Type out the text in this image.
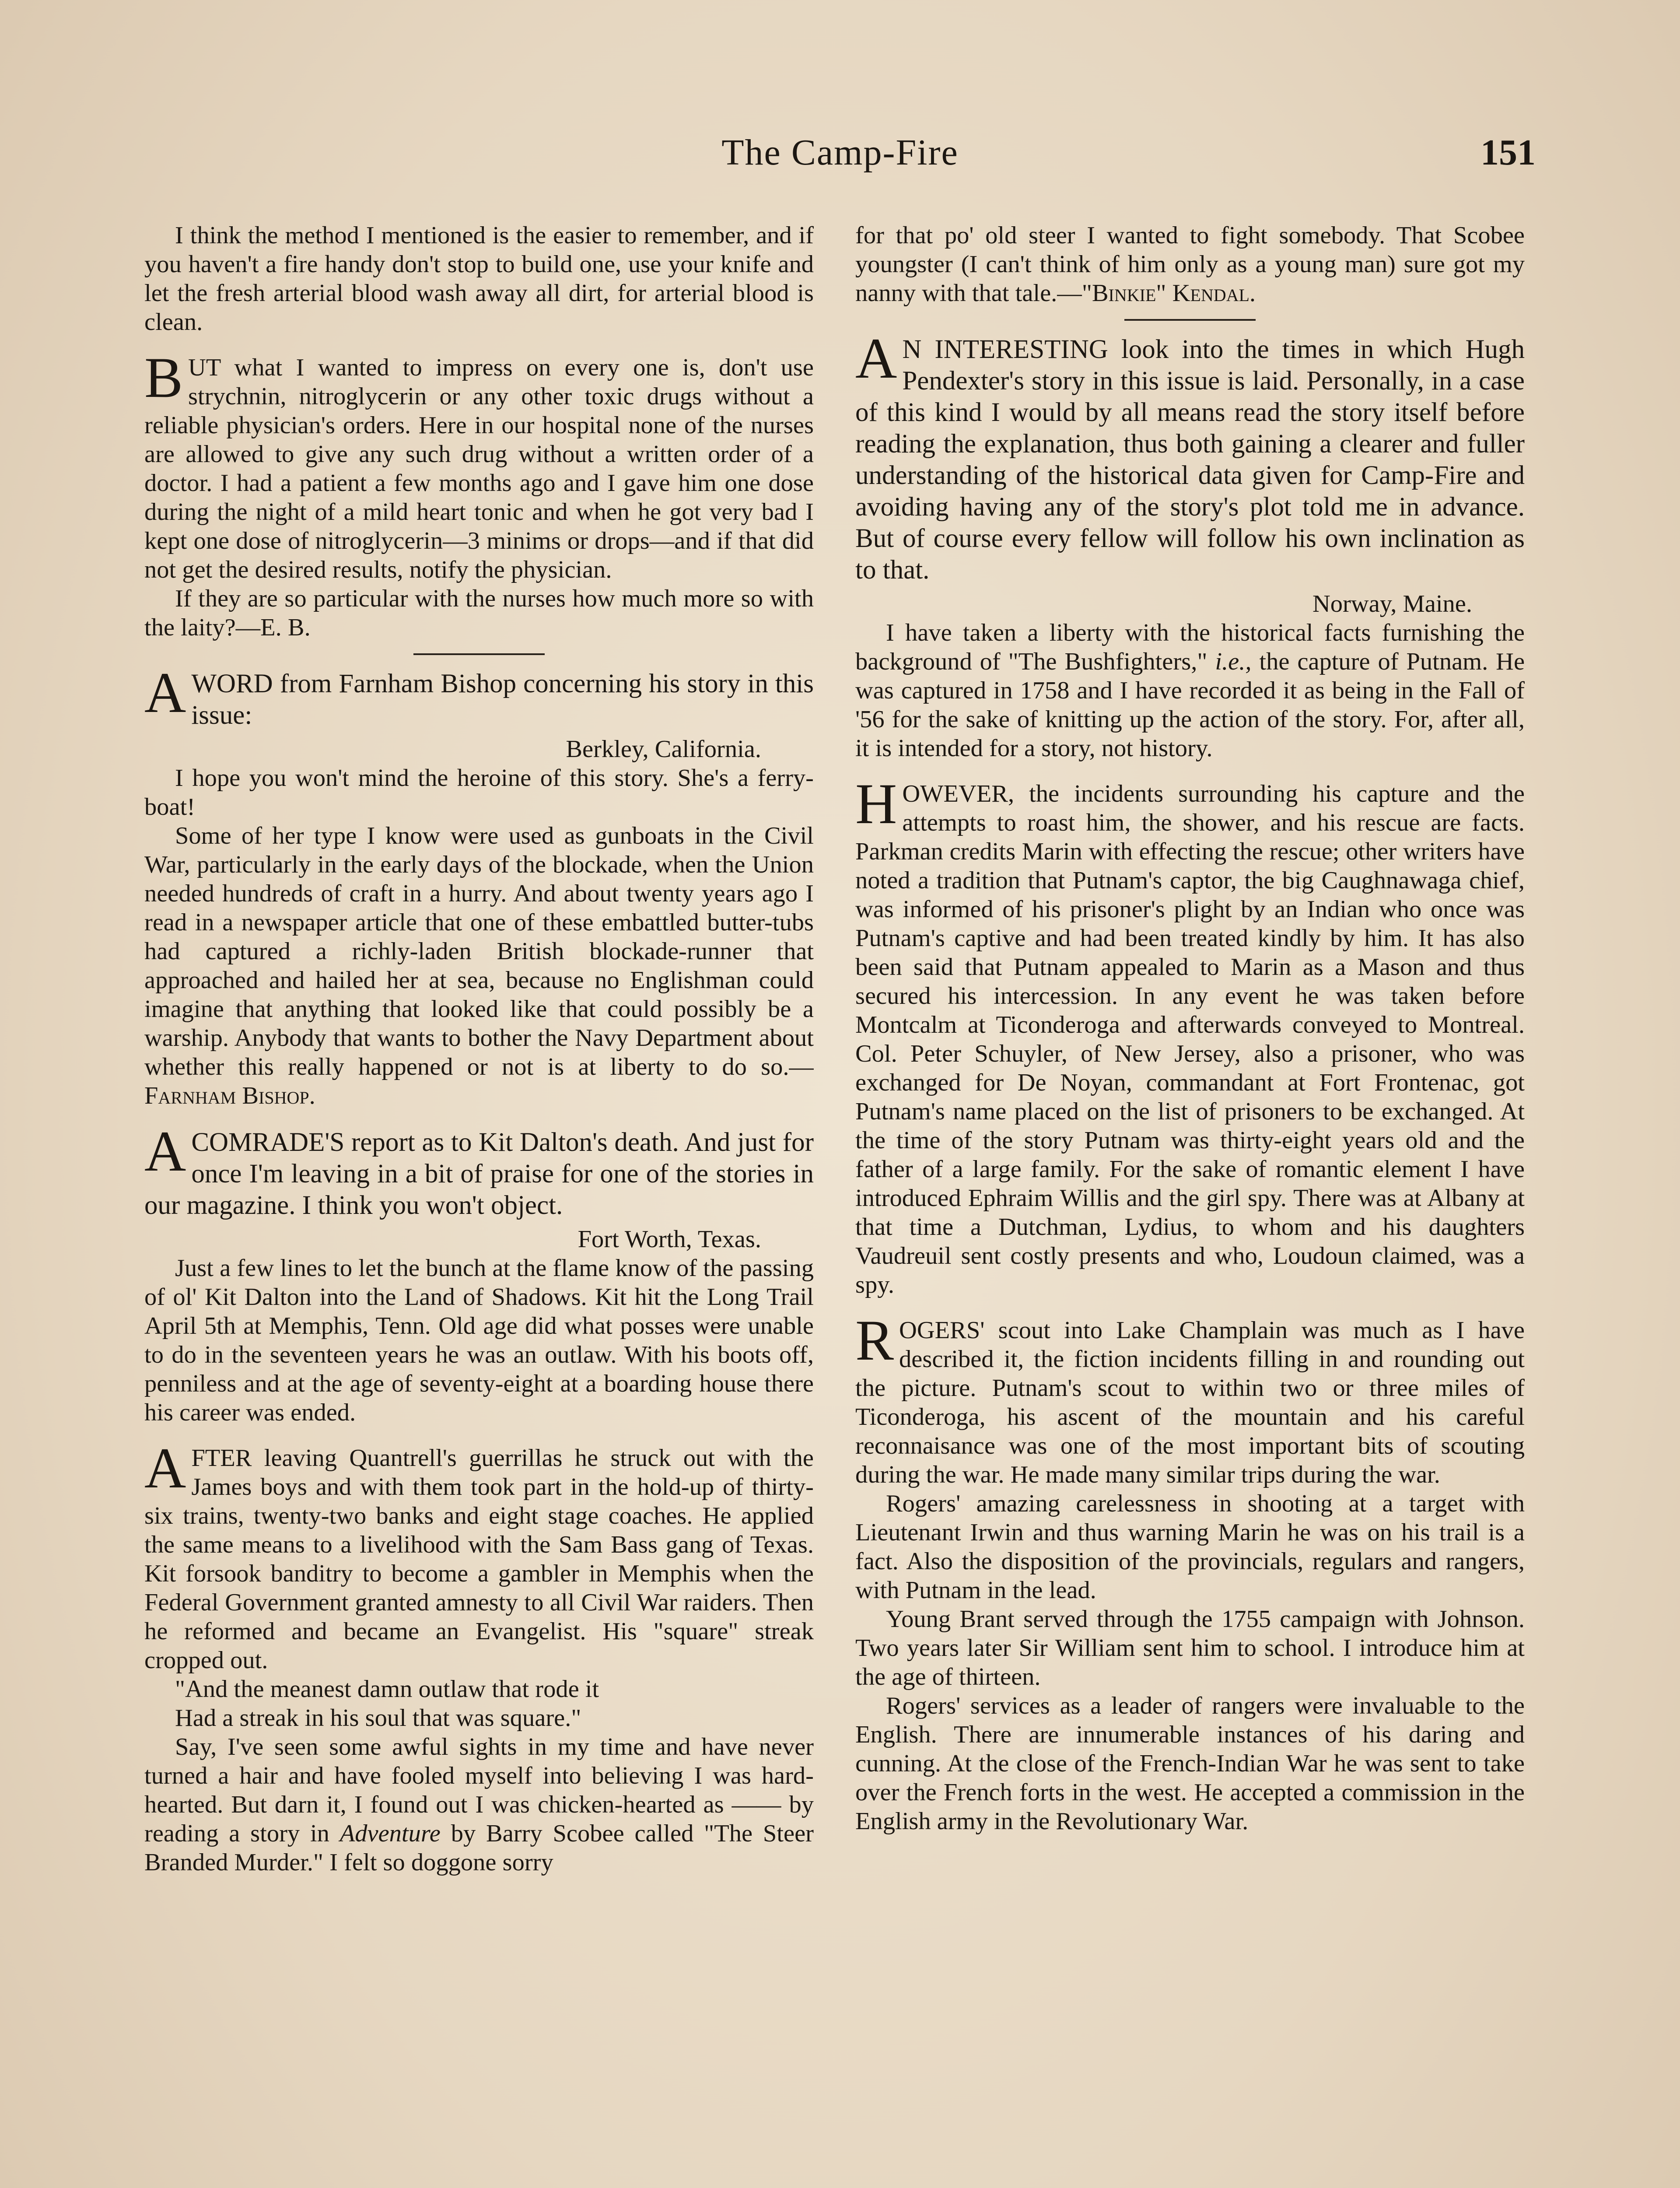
The Camp-Fire	151

I think the method I mentioned is the easier to remember, and if you haven't a fire handy don't stop to build one, use your knife and let the fresh arterial blood wash away all dirt, for arterial blood is clean.

BUT what I wanted to impress on every one is, don't use strychnin, nitroglycerin or any other toxic drugs without a reliable physician's orders. Here in our hospital none of the nurses are allowed to give any such drug without a written order of a doctor. I had a patient a few months ago and I gave him one dose during the night of a mild heart tonic and when he got very bad I kept one dose of nitroglycerin—3 minims or drops—and if that did not get the desired results, notify the physician.

If they are so particular with the nurses how much more so with the laity?—E. B.

AWORD from Farnham Bishop concerning his story in this issue:

Berkley, California.

I hope you won't mind the heroine of this story. She's a ferry-boat!

Some of her type I know were used as gunboats in the Civil War, particularly in the early days of the blockade, when the Union needed hundreds of craft in a hurry. And about twenty years ago I read in a newspaper article that one of these embattled butter-tubs had captured a richly-laden British blockade-runner that approached and hailed her at sea, because no Englishman could imagine that anything that looked like that could possibly be a warship. Anybody that wants to bother the Navy Department about whether this really happened or not is at liberty to do so.—Farnham Bishop.

ACOMRADE'S report as to Kit Dalton's death. And just for once I'm leaving in a bit of praise for one of the stories in our magazine. I think you won't object.

Fort Worth, Texas.

Just a few lines to let the bunch at the flame know of the passing of ol' Kit Dalton into the Land of Shadows. Kit hit the Long Trail April 5th at Memphis, Tenn. Old age did what posses were unable to do in the seventeen years he was an outlaw. With his boots off, penniless and at the age of seventy-eight at a boarding house there his career was ended.

AFTER leaving Quantrell's guerrillas he struck out with the James boys and with them took part in the hold-up of thirty-six trains, twenty-two banks and eight stage coaches. He applied the same means to a livelihood with the Sam Bass gang of Texas. Kit forsook banditry to become a gambler in Memphis when the Federal Government granted amnesty to all Civil War raiders. Then he reformed and became an Evangelist. His "square" streak cropped out.

"And the meanest damn outlaw that rode it

Had a streak in his soul that was square."

Say, I've seen some awful sights in my time and have never turned a hair and have fooled myself into believing I was hard-hearted. But darn it, I found out I was chicken-hearted as —— by reading a story in Adventure by Barry Scobee called "The Steer Branded Murder." I felt so doggone sorry

for that po' old steer I wanted to fight somebody. That Scobee youngster (I can't think of him only as a young man) sure got my nanny with that tale.—"Binkie" Kendal.

A N INTERESTING look into the times in which Hugh Pendexter's story in this issue is laid. Personally, in a case of this kind I would by all means read the story itself before reading the explanation, thus both gaining a clearer and fuller understanding of the historical data given for Camp-Fire and avoiding having any of the story's plot told me in advance. But of course every fellow will follow his own inclination as to that.

Norway, Maine.

I have taken a liberty with the historical facts furnishing the background of "The Bushfighters," i.e., the capture of Putnam. He was captured in 1758 and I have recorded it as being in the Fall of '56 for the sake of knitting up the action of the story. For, after all, it is intended for a story, not history.

HOWEVER, the incidents surrounding his capture and the attempts to roast him, the shower, and his rescue are facts. Parkman credits Marin with effecting the rescue; other writers have noted a tradition that Putnam's captor, the big Caughnawaga chief, was informed of his prisoner's plight by an Indian who once was Putnam's captive and had been treated kindly by him. It has also been said that Putnam appealed to Marin as a Mason and thus secured his intercession. In any event he was taken before Montcalm at Ticonderoga and afterwards conveyed to Montreal. Col. Peter Schuyler, of New Jersey, also a prisoner, who was exchanged for De Noyan, commandant at Fort Frontenac, got Putnam's name placed on the list of prisoners to be exchanged. At the time of the story Putnam was thirty-eight years old and the father of a large family. For the sake of romantic element I have introduced Ephraim Willis and the girl spy. There was at Albany at that time a Dutchman, Lydius, to whom and his daughters Vaudreuil sent costly presents and who, Loudoun claimed, was a spy.

ROGERS' scout into Lake Champlain was much as I have described it, the fiction incidents filling in and rounding out the picture. Putnam's scout to within two or three miles of Ticonderoga, his ascent of the mountain and his careful reconnaisance was one of the most important bits of scouting during the war. He made many similar trips during the war.

Rogers' amazing carelessness in shooting at a target with Lieutenant Irwin and thus warning Marin he was on his trail is a fact. Also the disposition of the provincials, regulars and rangers, with Putnam in the lead.

Young Brant served through the 1755 campaign with Johnson. Two years later Sir William sent him to school. I introduce him at the age of thirteen.

Rogers' services as a leader of rangers were invaluable to the English. There are innumerable instances of his daring and cunning. At the close of the French-Indian War he was sent to take over the French forts in the west. He accepted a commission in the English army in the Revolutionary War.
